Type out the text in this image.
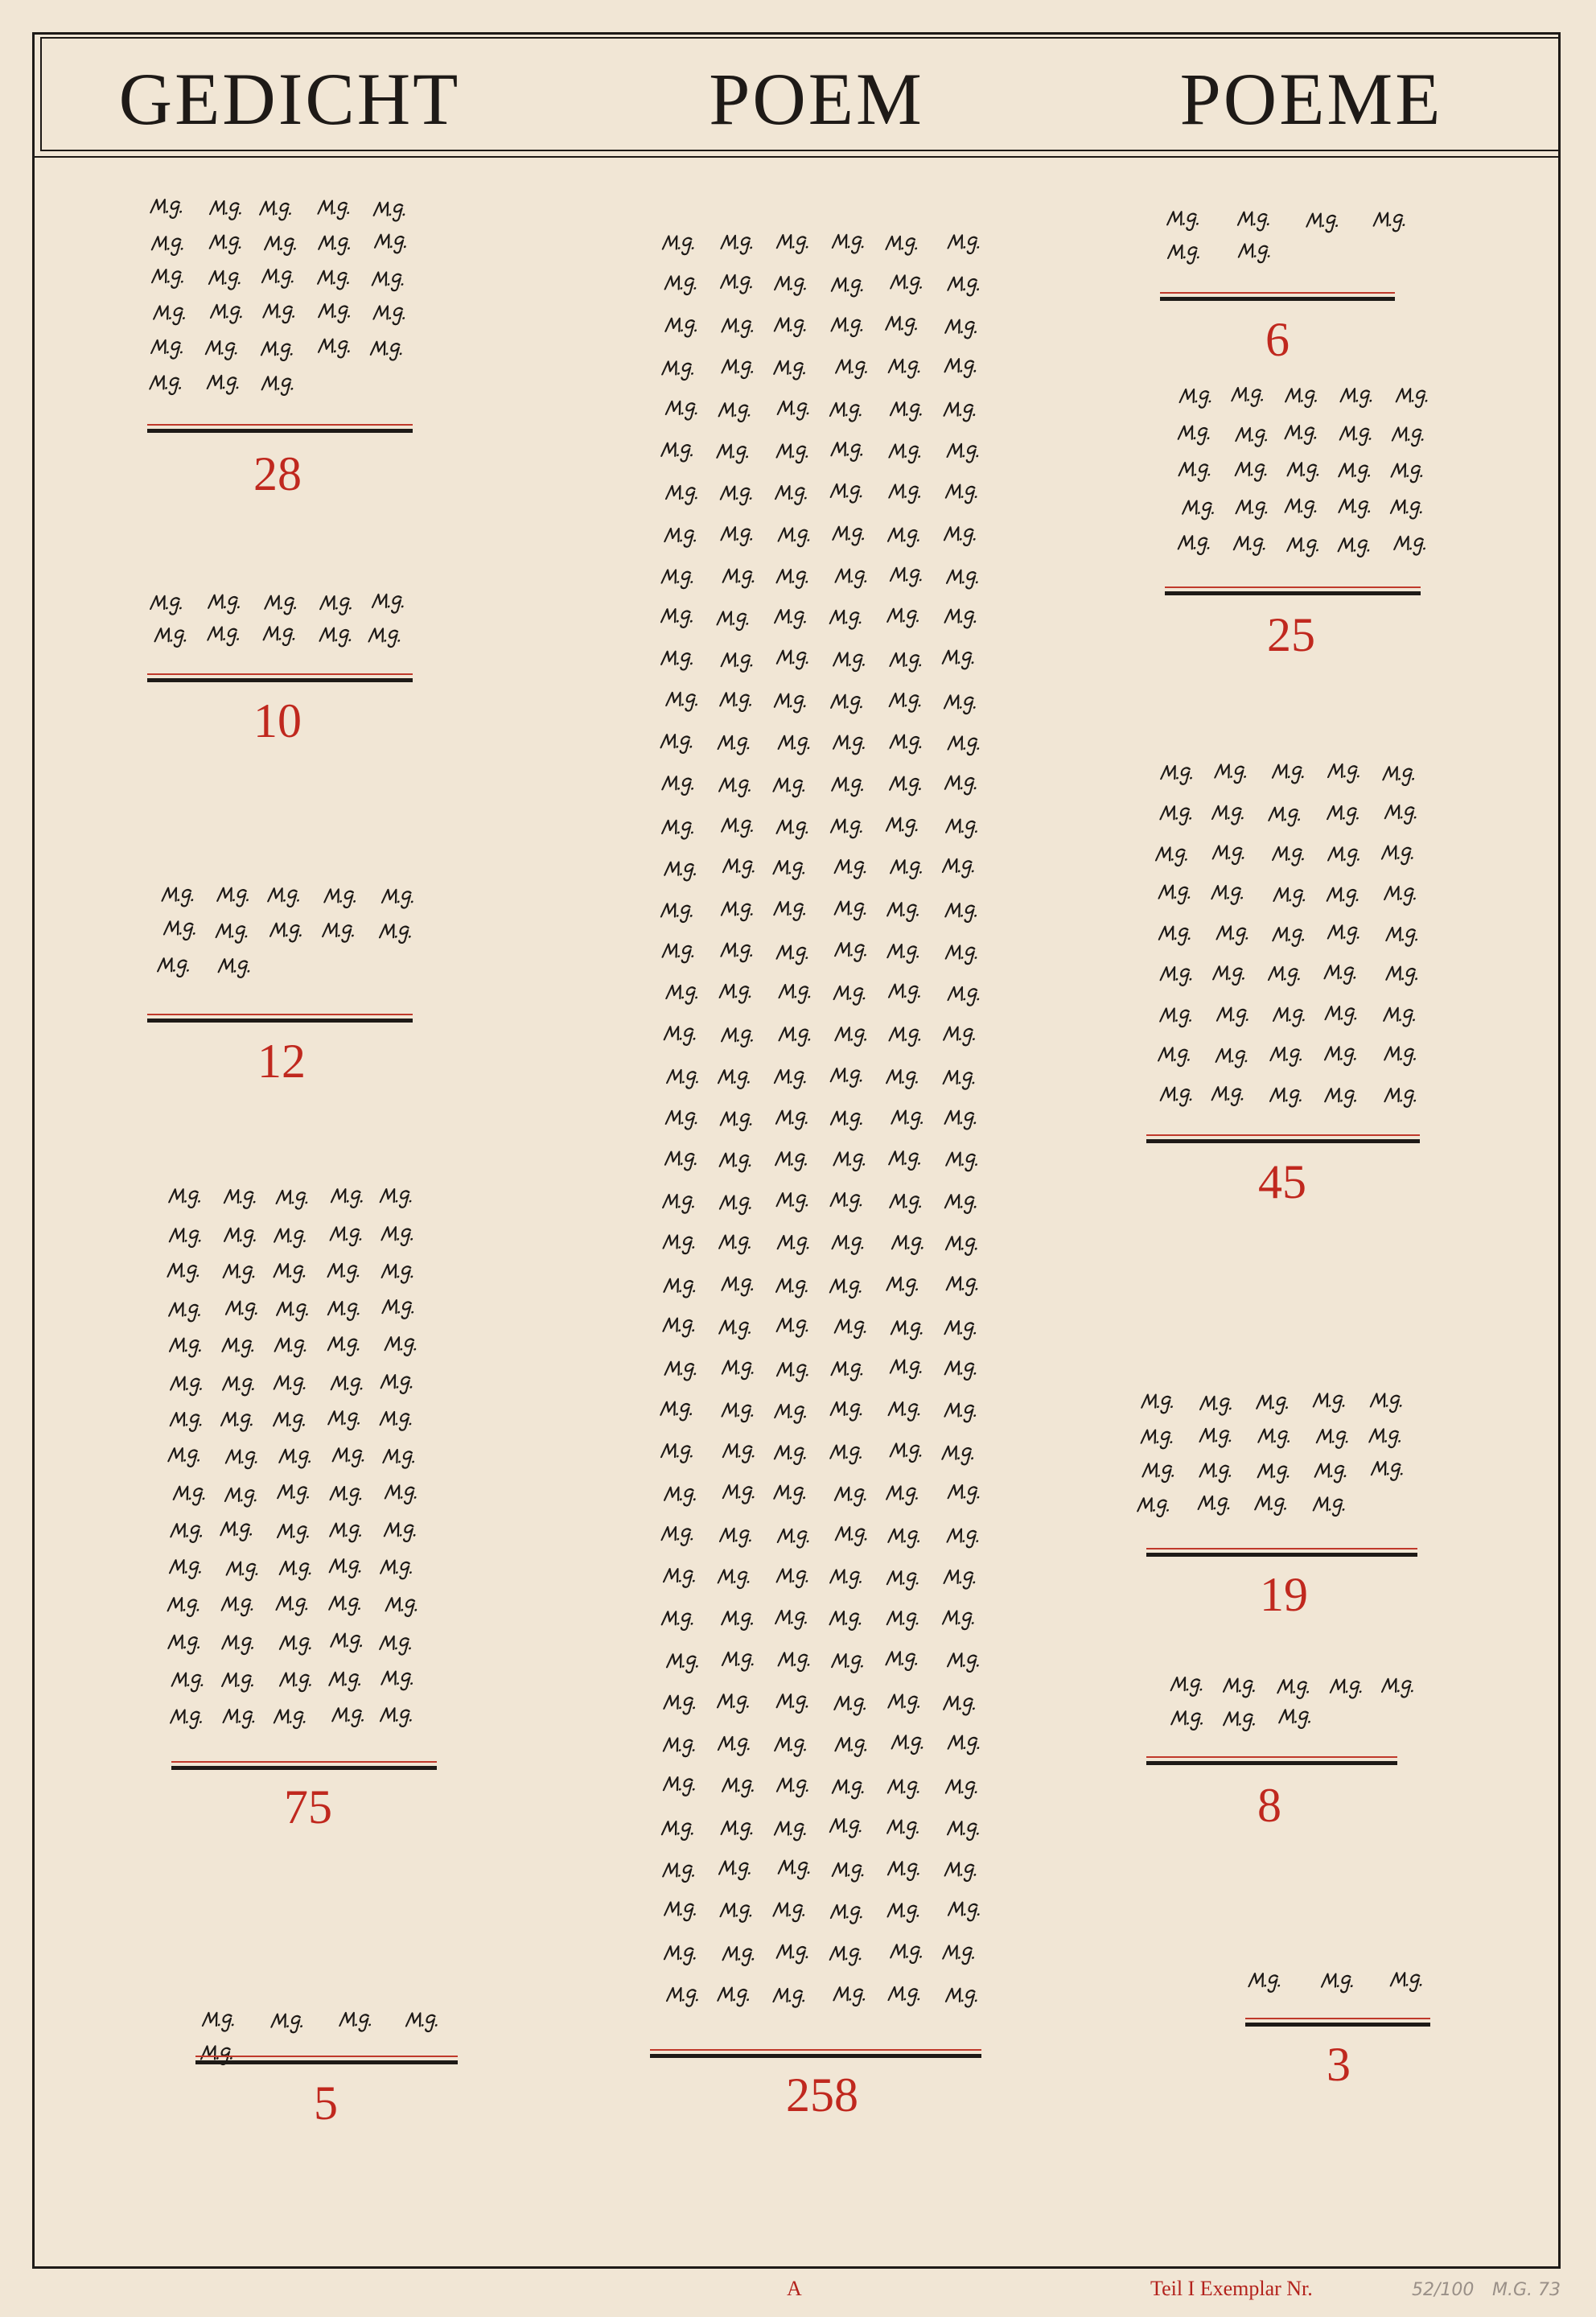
GEDICHT	POEM	POEME
28
10
12
75
5	258
6
25
45
19
8
3
A	Teil I Exemplar Nr.	52/100 M.G. 73
